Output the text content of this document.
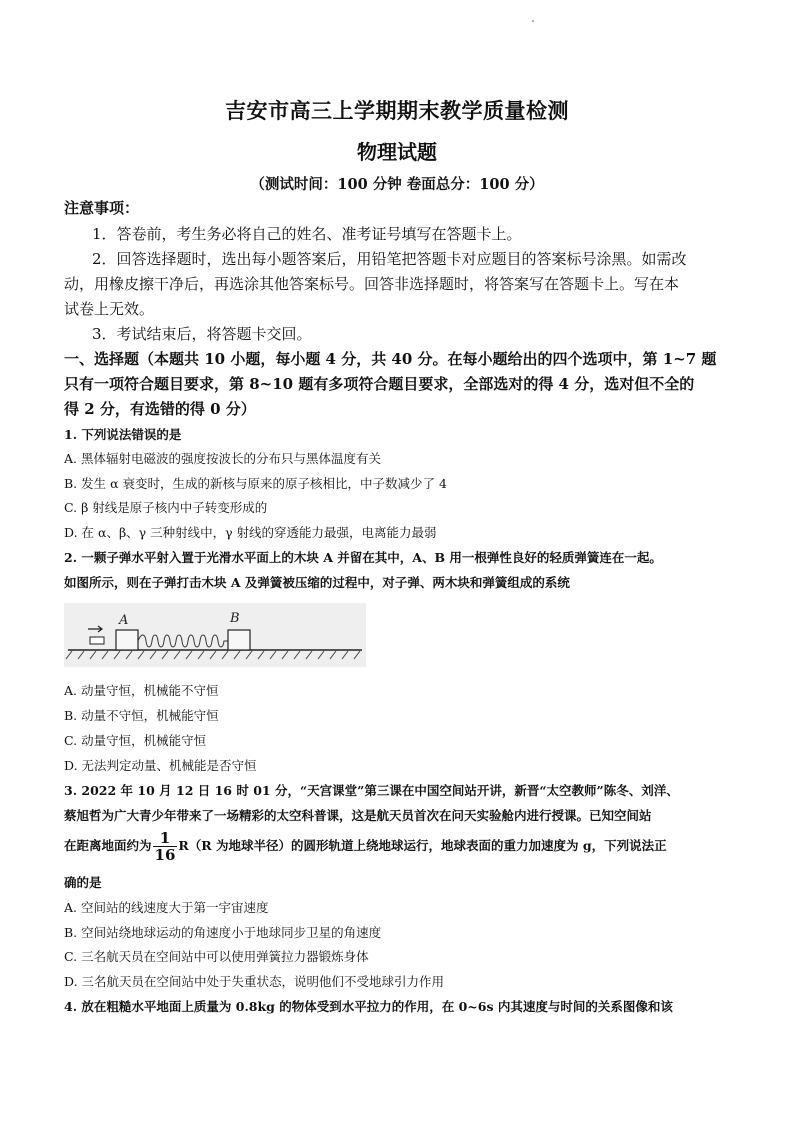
吉安市高三上学期期末教学质量检测
物理试题
（测试时间：100 分钟 卷面总分：100 分）
注意事项：
1．答卷前，考生务必将自己的姓名、准考证号填写在答题卡上。
2．回答选择题时，选出每小题答案后，用铅笔把答题卡对应题目的答案标号涂黑。如需改
动，用橡皮擦干净后，再选涂其他答案标号。回答非选择题时，将答案写在答题卡上。写在本
试卷上无效。
3．考试结束后，将答题卡交回。
一、选择题（本题共 10 小题，每小题 4 分，共 40 分。在每小题给出的四个选项中，第 1~7 题
只有一项符合题目要求，第 8~10 题有多项符合题目要求，全部选对的得 4 分，选对但不全的
得 2 分，有选错的得 0 分）
1. 下列说法错误的是
A. 黑体辐射电磁波的强度按波长的分布只与黑体温度有关
B. 发生 α 衰变时，生成的新核与原来的原子核相比，中子数减少了 4
C. β 射线是原子核内中子转变形成的
D. 在 α、β、γ 三种射线中，γ 射线的穿透能力最强，电离能力最弱
2. 一颗子弹水平射入置于光滑水平面上的木块 A 并留在其中，A、B 用一根弹性良好的轻质弹簧连在一起。
如图所示，则在子弹打击木块 A 及弹簧被压缩的过程中，对子弹、两木块和弹簧组成的系统
A	B
A. 动量守恒，机械能不守恒
B. 动量不守恒，机械能守恒
C. 动量守恒，机械能守恒
D. 无法判定动量、机械能是否守恒
3. 2022 年 10 月 12 日 16 时 01 分，“天宫课堂”第三课在中国空间站开讲，新晋“太空教师”陈冬、刘洋、
蔡旭哲为广大青少年带来了一场精彩的太空科普课，这是航天员首次在问天实验舱内进行授课。已知空间站
在距离地面约为 $\frac{1}{16} R(R$ 为地球半径）的圆形轨道上绕地球运行，地球表面的重力加速度为 g，下列说法正
确的是
A. 空间站的线速度大于第一宇宙速度
B. 空间站绕地球运动的角速度小于地球同步卫星的角速度
C. 三名航天员在空间站中可以使用弹簧拉力器锻炼身体
D. 三名航天员在空间站中处于失重状态，说明他们不受地球引力作用
4. 放在粗糙水平地面上质量为 0.8kg 的物体受到水平拉力的作用，在 0~6s 内其速度与时间的关系图像和该
